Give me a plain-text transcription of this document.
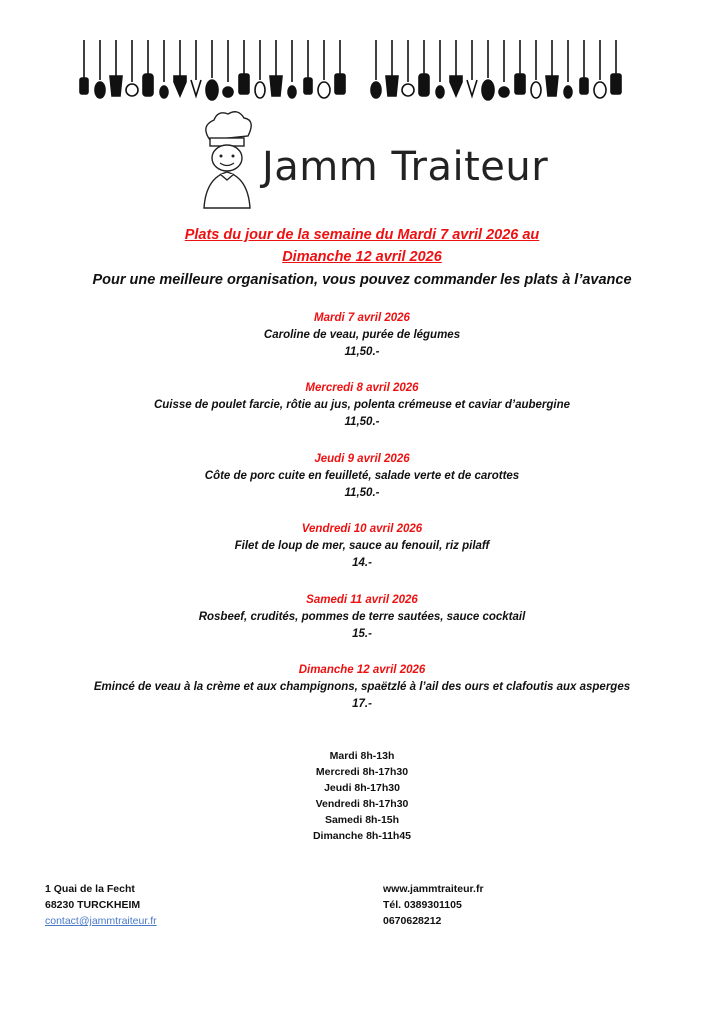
Jamm Traiteur
Plats du jour de la semaine du Mardi 7 avril 2026 au
Dimanche 12 avril 2026
Pour une meilleure organisation, vous pouvez commander les plats à l’avance
Mardi 7 avril 2026
Caroline de veau, purée de légumes
11,50.-
Mercredi 8 avril 2026
Cuisse de poulet farcie, rôtie au jus, polenta crémeuse et caviar d’aubergine
11,50.-
Jeudi 9 avril 2026
Côte de porc cuite en feuilleté, salade verte et de carottes
11,50.-
Vendredi 10 avril 2026
Filet de loup de mer, sauce au fenouil, riz pilaff
14.-
Samedi 11 avril 2026
Rosbeef, crudités, pommes de terre sautées, sauce cocktail
15.-
Dimanche 12 avril 2026
Emincé de veau à la crème et aux champignons, spaëtzlé à l’ail des ours et clafoutis aux asperges
17.-
Mardi 8h-13h
Mercredi 8h-17h30
Jeudi 8h-17h30
Vendredi 8h-17h30
Samedi 8h-15h
Dimanche 8h-11h45
1 Quai de la Fecht
68230 TURCKHEIM
contact@jammtraiteur.fr
www.jammtraiteur.fr
Tél. 0389301105
0670628212
